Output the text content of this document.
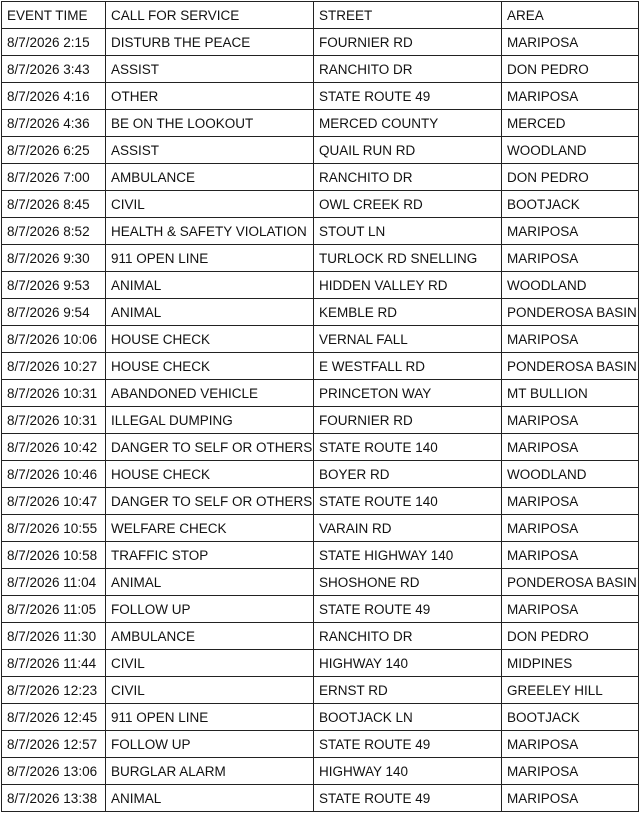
EVENT TIME	CALL FOR SERVICE	STREET	AREA
8/7/2026 2:15	DISTURB THE PEACE	FOURNIER RD	MARIPOSA
8/7/2026 3:43	ASSIST	RANCHITO DR	DON PEDRO
8/7/2026 4:16	OTHER	STATE ROUTE 49	MARIPOSA
8/7/2026 4:36	BE ON THE LOOKOUT	MERCED COUNTY	MERCED
8/7/2026 6:25	ASSIST	QUAIL RUN RD	WOODLAND
8/7/2026 7:00	AMBULANCE	RANCHITO DR	DON PEDRO
8/7/2026 8:45	CIVIL	OWL CREEK RD	BOOTJACK
8/7/2026 8:52	HEALTH & SAFETY VIOLATION	STOUT LN	MARIPOSA
8/7/2026 9:30	911 OPEN LINE	TURLOCK RD SNELLING	MARIPOSA
8/7/2026 9:53	ANIMAL	HIDDEN VALLEY RD	WOODLAND
8/7/2026 9:54	ANIMAL	KEMBLE RD	PONDEROSA BASIN
8/7/2026 10:06	HOUSE CHECK	VERNAL FALL	MARIPOSA
8/7/2026 10:27	HOUSE CHECK	E WESTFALL RD	PONDEROSA BASIN
8/7/2026 10:31	ABANDONED VEHICLE	PRINCETON WAY	MT BULLION
8/7/2026 10:31	ILLEGAL DUMPING	FOURNIER RD	MARIPOSA
8/7/2026 10:42	DANGER TO SELF OR OTHERS	STATE ROUTE 140	MARIPOSA
8/7/2026 10:46	HOUSE CHECK	BOYER RD	WOODLAND
8/7/2026 10:47	DANGER TO SELF OR OTHERS	STATE ROUTE 140	MARIPOSA
8/7/2026 10:55	WELFARE CHECK	VARAIN RD	MARIPOSA
8/7/2026 10:58	TRAFFIC STOP	STATE HIGHWAY 140	MARIPOSA
8/7/2026 11:04	ANIMAL	SHOSHONE RD	PONDEROSA BASIN
8/7/2026 11:05	FOLLOW UP	STATE ROUTE 49	MARIPOSA
8/7/2026 11:30	AMBULANCE	RANCHITO DR	DON PEDRO
8/7/2026 11:44	CIVIL	HIGHWAY 140	MIDPINES
8/7/2026 12:23	CIVIL	ERNST RD	GREELEY HILL
8/7/2026 12:45	911 OPEN LINE	BOOTJACK LN	BOOTJACK
8/7/2026 12:57	FOLLOW UP	STATE ROUTE 49	MARIPOSA
8/7/2026 13:06	BURGLAR ALARM	HIGHWAY 140	MARIPOSA
8/7/2026 13:38	ANIMAL	STATE ROUTE 49	MARIPOSA
